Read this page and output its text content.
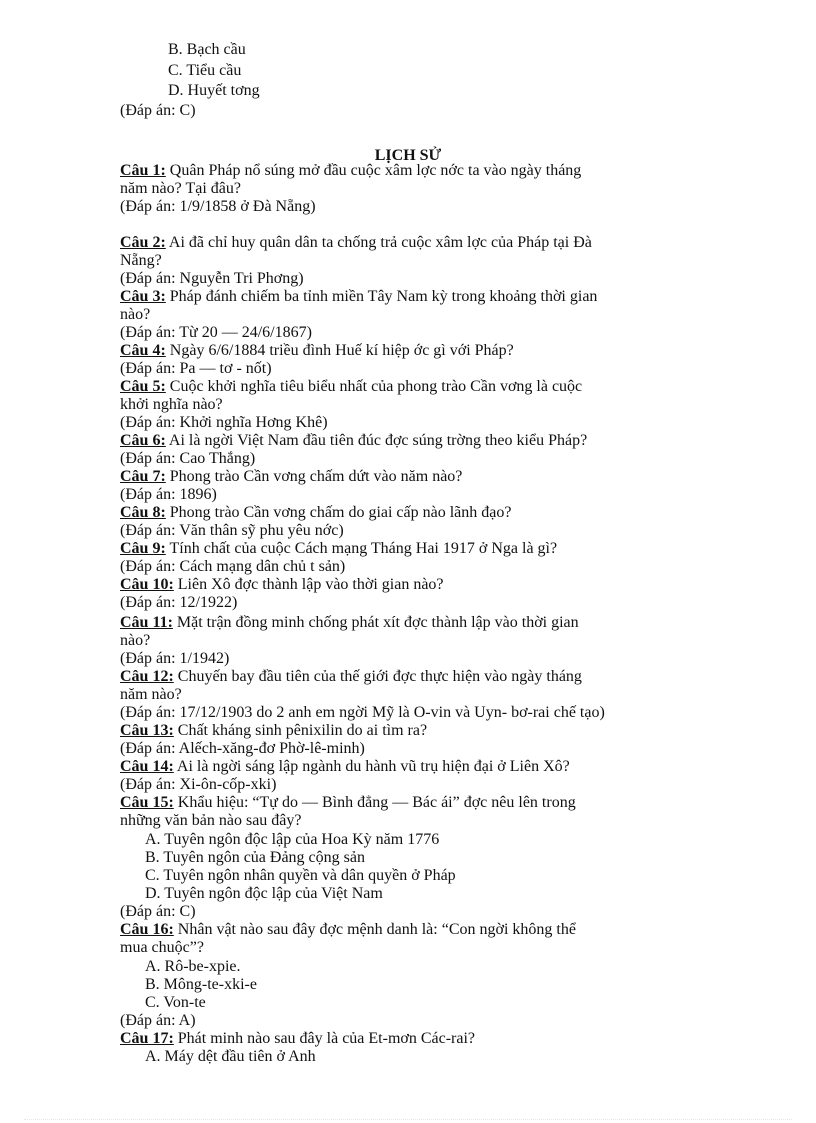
B. Bạch cầu
C. Tiểu cầu
D. Huyết tơng
(Đáp án: C)
LỊCH SỬ
Câu 1: Quân Pháp nổ súng mở đầu cuộc xâm lợc nớc ta vào ngày tháng
năm nào? Tại đâu?
(Đáp án: 1/9/1858 ở Đà Nẵng)
Câu 2: Ai đã chỉ huy quân dân ta chống trả cuộc xâm lợc của Pháp tại Đà
Nẵng?
(Đáp án: Nguyễn Tri Phơng)
Câu 3: Pháp đánh chiếm ba tỉnh miền Tây Nam kỳ trong khoảng thời gian
nào?
(Đáp án: Từ 20 — 24/6/1867)
Câu 4: Ngày 6/6/1884 triều đình Huế kí hiệp ớc gì với Pháp?
(Đáp án: Pa — tơ - nốt)
Câu 5: Cuộc khởi nghĩa tiêu biểu nhất của phong trào Cần vơng là cuộc
khởi nghĩa nào?
(Đáp án: Khởi nghĩa Hơng Khê)
Câu 6: Ai là ngời Việt Nam đầu tiên đúc đợc súng trờng theo kiểu Pháp?
(Đáp án: Cao Thắng)
Câu 7: Phong trào Cần vơng chấm dứt vào năm nào?
(Đáp án: 1896)
Câu 8: Phong trào Cần vơng chấm do giai cấp nào lãnh đạo?
(Đáp án: Văn thân sỹ phu yêu nớc)
Câu 9: Tính chất của cuộc Cách mạng Tháng Hai 1917 ở Nga là gì?
(Đáp án: Cách mạng dân chủ t sản)
Câu 10: Liên Xô đợc thành lập vào thời gian nào?
(Đáp án: 12/1922)
Câu 11: Mặt trận đồng minh chống phát xít đợc thành lập vào thời gian
nào?
(Đáp án: 1/1942)
Câu 12: Chuyến bay đầu tiên của thế giới đợc thực hiện vào ngày tháng
năm nào?
(Đáp án: 17/12/1903 do 2 anh em ngời Mỹ là O-vin và Uyn- bơ-rai chế tạo)
Câu 13: Chất kháng sinh pênixilin do ai tìm ra?
(Đáp án: Alếch-xăng-đơ Phờ-lê-minh)
Câu 14: Ai là ngời sáng lập ngành du hành vũ trụ hiện đại ở Liên Xô?
(Đáp án: Xi-ôn-cốp-xki)
Câu 15: Khẩu hiệu: “Tự do — Bình đẳng — Bác ái” đợc nêu lên trong
những văn bản nào sau đây?
A. Tuyên ngôn độc lập của Hoa Kỳ năm 1776
B. Tuyên ngôn của Đảng cộng sản
C. Tuyên ngôn nhân quyền và dân quyền ở Pháp
D. Tuyên ngôn độc lập của Việt Nam
(Đáp án: C)
Câu 16: Nhân vật nào sau đây đợc mệnh danh là: “Con ngời không thể
mua chuộc”?
A. Rô-be-xpie.
B. Mông-te-xki-e
C. Von-te
(Đáp án: A)
Câu 17: Phát minh nào sau đây là của Et-mơn Các-rai?
A. Máy dệt đầu tiên ở Anh
